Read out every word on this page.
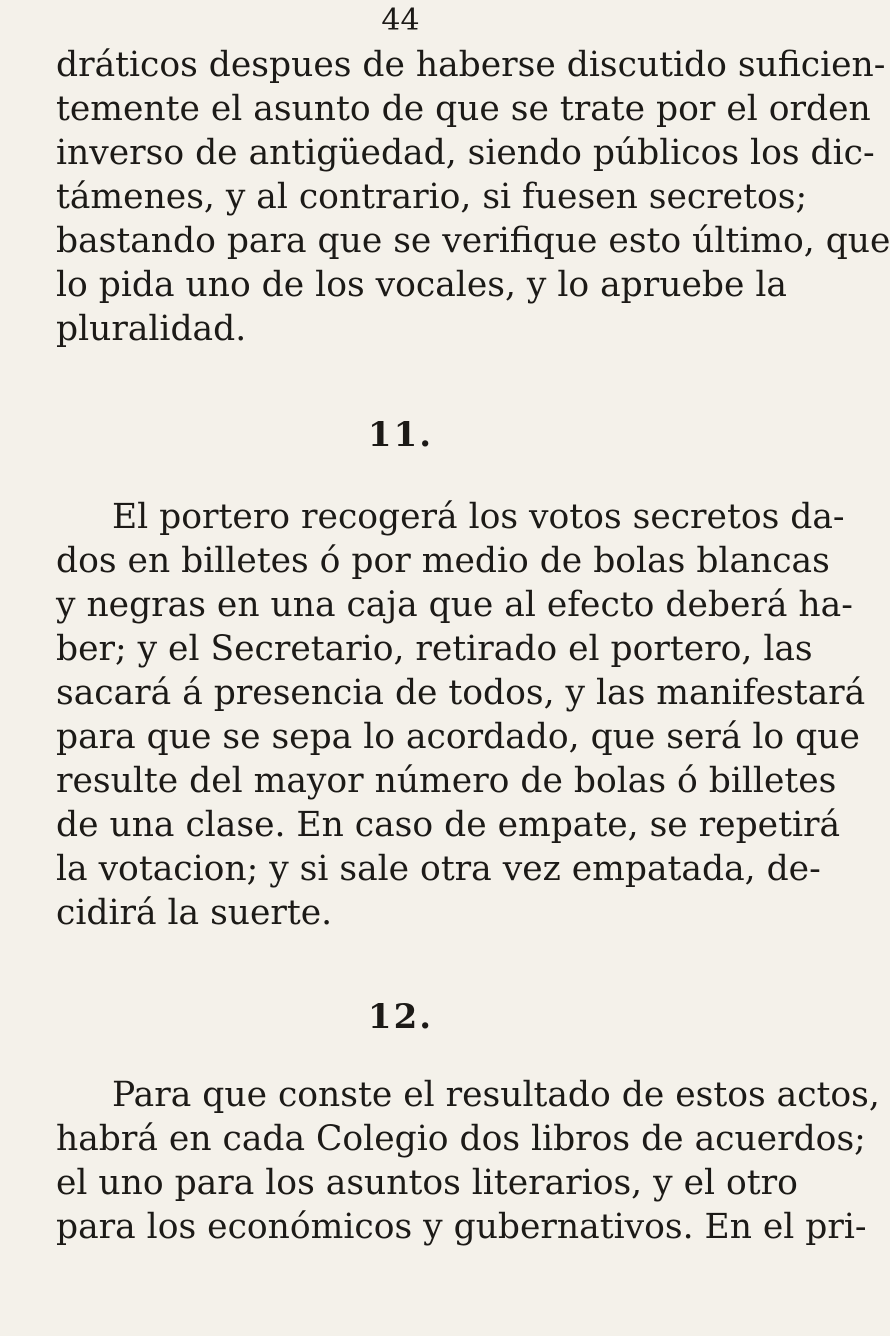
44
dráticos despues de haberse discutido suficien-
temente el asunto de que se trate por el orden
inverso de antigüedad, siendo públicos los dic-
támenes, y al contrario, si fuesen secretos;
bastando para que se verifique esto último, que
lo pida uno de los vocales, y lo apruebe la
pluralidad.
11.
El portero recogerá los votos secretos da-
dos en billetes ó por medio de bolas blancas
y negras en una caja que al efecto deberá ha-
ber; y el Secretario, retirado el portero, las
sacará á presencia de todos, y las manifestará
para que se sepa lo acordado, que será lo que
resulte del mayor número de bolas ó billetes
de una clase. En caso de empate, se repetirá
la votacion; y si sale otra vez empatada, de-
cidirá la suerte.
12.
Para que conste el resultado de estos actos,
habrá en cada Colegio dos libros de acuerdos;
el uno para los asuntos literarios, y el otro
para los económicos y gubernativos. En el pri-
